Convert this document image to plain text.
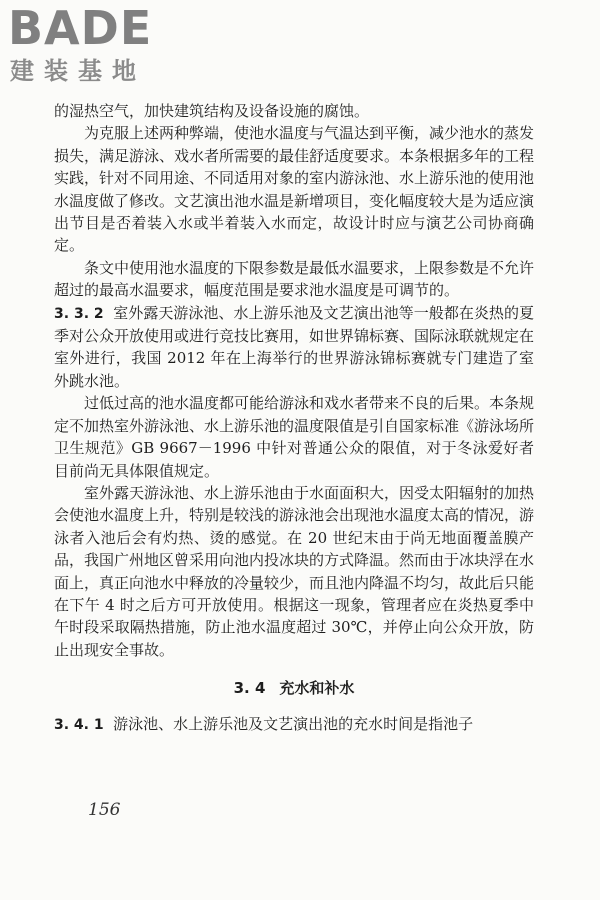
BADE
建装基地

的湿热空气，加快建筑结构及设备设施的腐蚀。

为克服上述两种弊端，使池水温度与气温达到平衡，减少池水的蒸发损失，满足游泳、戏水者所需要的最佳舒适度要求。本条根据多年的工程实践，针对不同用途、不同适用对象的室内游泳池、水上游乐池的使用池水温度做了修改。文艺演出池水温是新增项目，变化幅度较大是为适应演出节目是否着装入水或半着装入水而定，故设计时应与演艺公司协商确定。

条文中使用池水温度的下限参数是最低水温要求，上限参数是不允许超过的最高水温要求，幅度范围是要求池水温度是可调节的。

3. 3. 2 室外露天游泳池、水上游乐池及文艺演出池等一般都在炎热的夏季对公众开放使用或进行竞技比赛用，如世界锦标赛、国际泳联就规定在室外进行，我国 2012 年在上海举行的世界游泳锦标赛就专门建造了室外跳水池。

过低过高的池水温度都可能给游泳和戏水者带来不良的后果。本条规定不加热室外游泳池、水上游乐池的温度限值是引自国家标准《游泳场所卫生规范》GB 9667－1996 中针对普通公众的限值，对于冬泳爱好者目前尚无具体限值规定。

室外露天游泳池、水上游乐池由于水面面积大，因受太阳辐射的加热会使池水温度上升，特别是较浅的游泳池会出现池水温度太高的情况，游泳者入池后会有灼热、烫的感觉。在 20 世纪末由于尚无地面覆盖膜产品，我国广州地区曾采用向池内投冰块的方式降温。然而由于冰块浮在水面上，真正向池水中释放的冷量较少，而且池内降温不均匀，故此后只能在下午 4 时之后方可开放使用。根据这一现象，管理者应在炎热夏季中午时段采取隔热措施，防止池水温度超过 30℃，并停止向公众开放，防止出现安全事故。

3. 4 充水和补水

3. 4. 1 游泳池、水上游乐池及文艺演出池的充水时间是指池子

156
